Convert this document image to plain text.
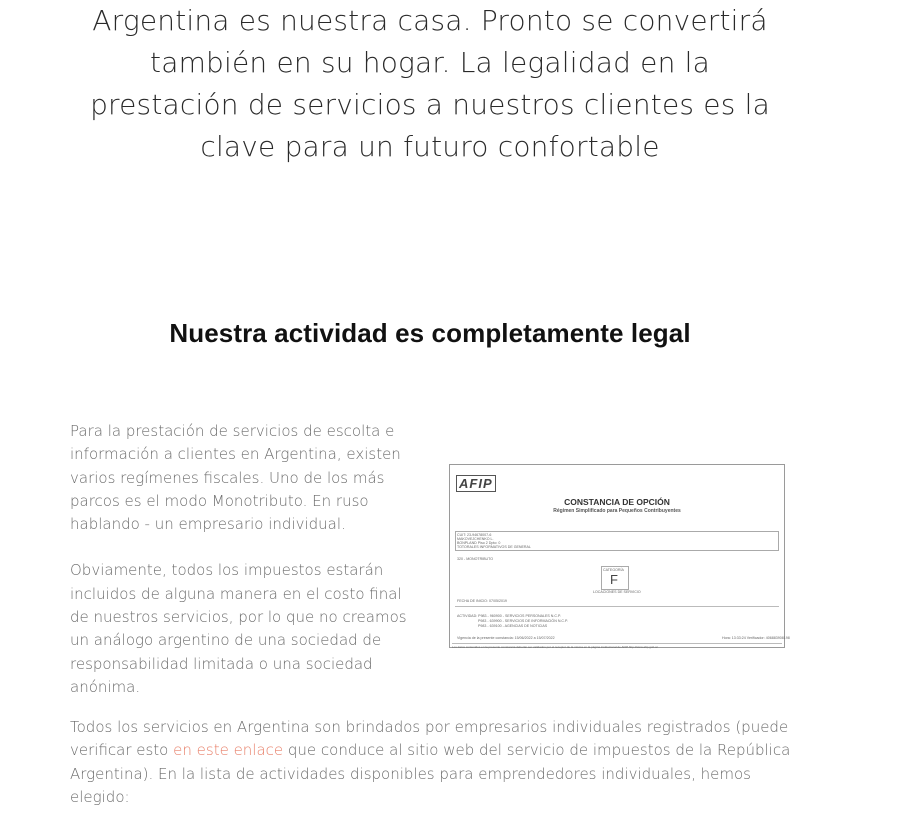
Argentina es nuestra casa. Pronto se convertirá
también en su hogar. La legalidad en la
prestación de servicios a nuestros clientes es la
clave para un futuro confortable
Nuestra actividad es completamente legal

Para la prestación de servicios de escolta e
información a clientes en Argentina, existen
varios regímenes fiscales. Uno de los más
parcos es el modo Monotributo. En ruso
hablando - un empresario individual.

Obviamente, todos los impuestos estarán
incluidos de alguna manera en el costo final
de nuestros servicios, por lo que no creamos
un análogo argentino de una sociedad de
responsabilidad limitada o una sociedad
anónima.

AFIP
CONSTANCIA DE OPCIÓN
Régimen Simplificado para Pequeños Contribuyentes
CUIT: 23-94678007-6
MAKOVEJCHENKO L.
BONPLAND Piso 2 Dpto: 0
TOTORALES INFORMATIVOS DE GENERAL
320 - MONOTRIBUTO
CATEGORÍA
F
LOCACIONES DE SERVICIO
FECHA DE INICIO: 07/05/2019
ACTIVIDAD: P983 - 960900 - SERVICIOS PERSONALES N.C.P.
P983 - 639900 - SERVICIOS DE INFORMACIÓN N.C.P.
P983 - 639100 - AGENCIAS DE NOTICIAS
Vigencia de la presente constancia: 15/06/2022 a 15/07/2022	Hora: 13:33:24 Verificador: 406883908198
Los datos contenidos en la presente constancia deberán ser validados por el receptor de la misma en la página institucional de AFIP http://www.afip.gob.ar
Todos los servicios en Argentina son brindados por empresarios individuales registrados (puede
verificar esto en este enlace que conduce al sitio web del servicio de impuestos de la República
Argentina). En la lista de actividades disponibles para emprendedores individuales, hemos
elegido:
